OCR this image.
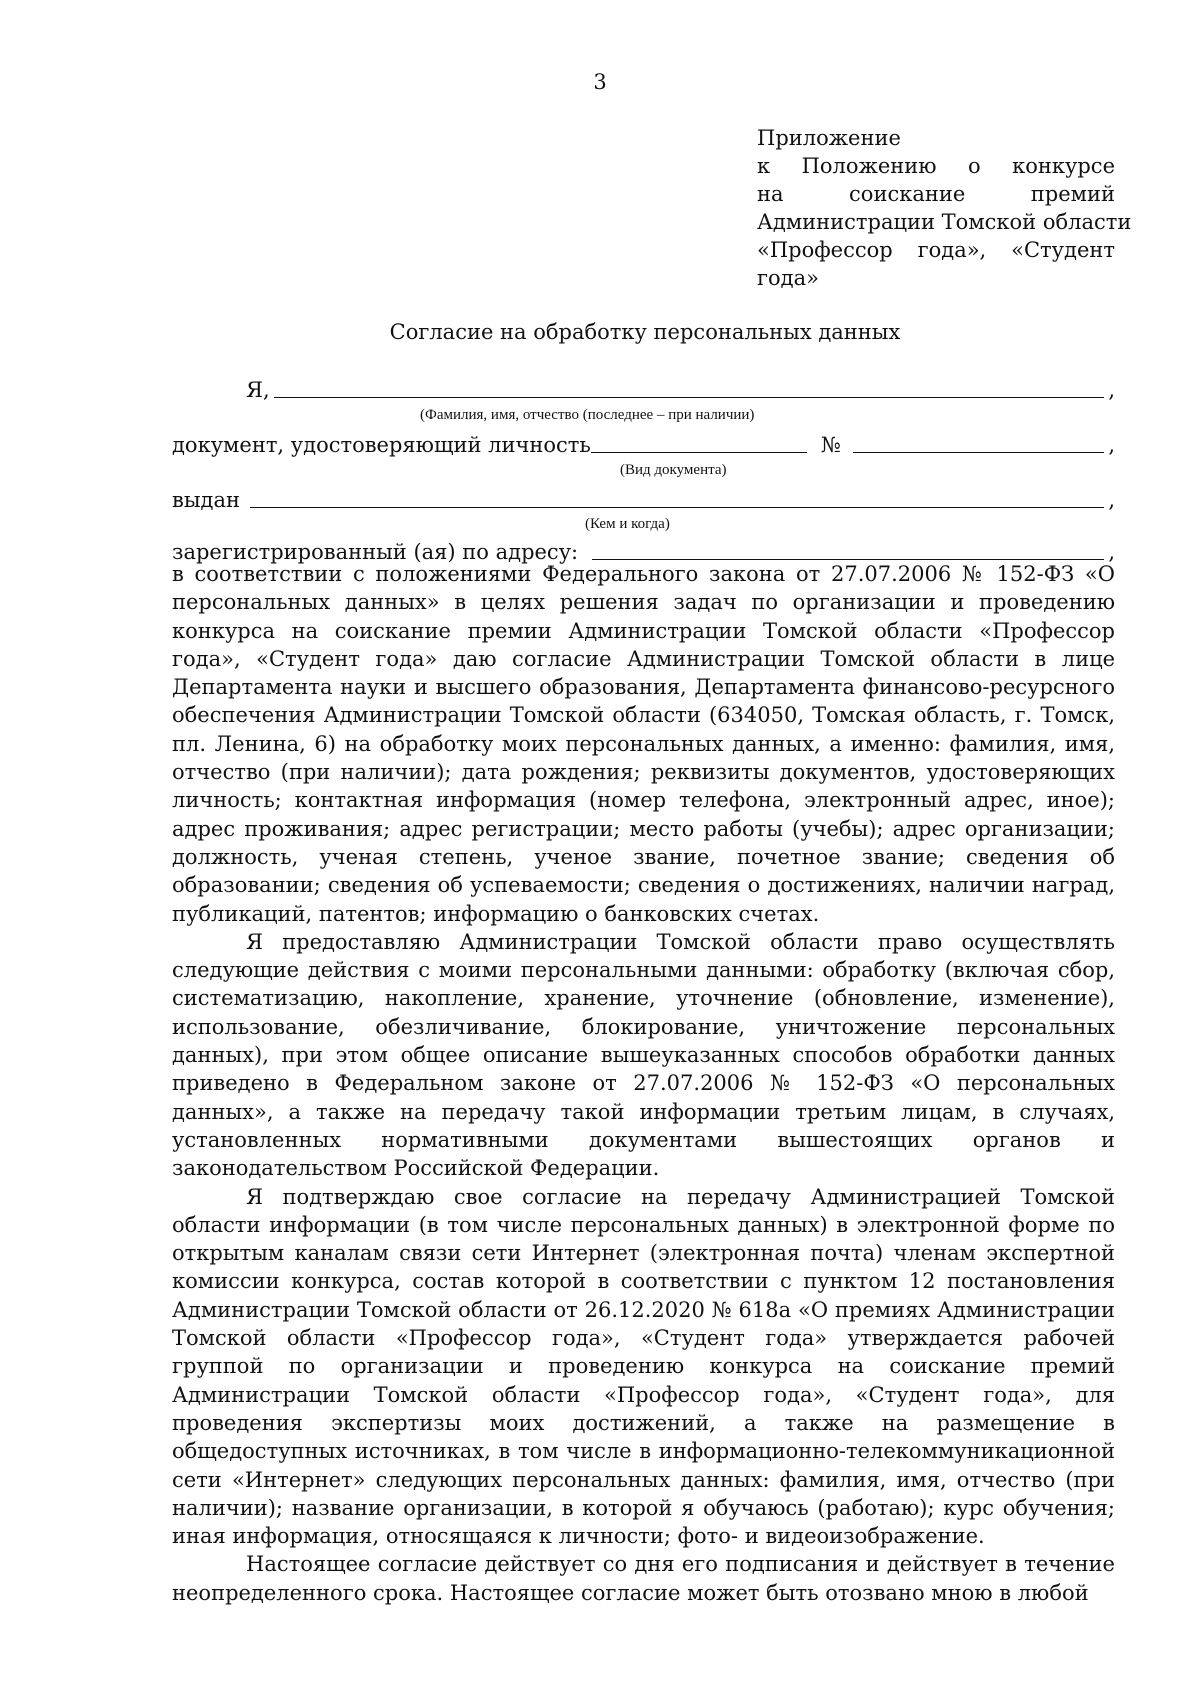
3
Приложение
к Положению о конкурсе
на соискание премий
Администрации Томской области
«Профессор года», «Студент
года»
Согласие на обработку персональных данных
Я,	,
(Фамилия, имя, отчество (последнее – при наличии)
документ, удостоверяющий личность	№	,
(Вид документа)
выдан	,
(Кем и когда)
зарегистрированный (ая) по адресу:	,

в соответствии с положениями Федерального закона от 27.07.2006 № 152-ФЗ «О персональных данных» в целях решения задач по организации и проведению конкурса на соискание премии Администрации Томской области «Профессор года», «Студент года» даю согласие Администрации Томской области в лице Департамента науки и высшего образования, Департамента финансово-ресурсного обеспечения Администрации Томской области (634050, Томская область, г. Томск, пл. Ленина, 6) на обработку моих персональных данных, а именно: фамилия, имя, отчество (при наличии); дата рождения; реквизиты документов, удостоверяющих личность; контактная информация (номер телефона, электронный адрес, иное); адрес проживания; адрес регистрации; место работы (учебы); адрес организации; должность, ученая степень, ученое звание, почетное звание; сведения об образовании; сведения об успеваемости; сведения о достижениях, наличии наград, публикаций, патентов; информацию о банковских счетах.

Я предоставляю Администрации Томской области право осуществлять следующие действия с моими персональными данными: обработку (включая сбор, систематизацию, накопление, хранение, уточнение (обновление, изменение), использование, обезличивание, блокирование, уничтожение персональных данных), при этом общее описание вышеуказанных способов обработки данных приведено в Федеральном законе от 27.07.2006 № 152-ФЗ «О персональных данных», а также на передачу такой информации третьим лицам, в случаях, установленных нормативными документами вышестоящих органов и законодательством Российской Федерации.

Я подтверждаю свое согласие на передачу Администрацией Томской области информации (в том числе персональных данных) в электронной форме по открытым каналам связи сети Интернет (электронная почта) членам экспертной комиссии конкурса, состав которой в соответствии с пунктом 12 постановления Администрации Томской области от 26.12.2020 № 618а «О премиях Администрации Томской области «Профессор года», «Студент года» утверждается рабочей группой по организации и проведению конкурса на соискание премий Администрации Томской области «Профессор года», «Студент года», для проведения экспертизы моих достижений, а также на размещение в общедоступных источниках, в том числе в информационно-телекоммуникационной сети «Интернет» следующих персональных данных: фамилия, имя, отчество (при наличии); название организации, в которой я обучаюсь (работаю); курс обучения; иная информация, относящаяся к личности; фото- и видеоизображение.

Настоящее согласие действует со дня его подписания и действует в течение неопределенного срока. Настоящее согласие может быть отозвано мною в любой
